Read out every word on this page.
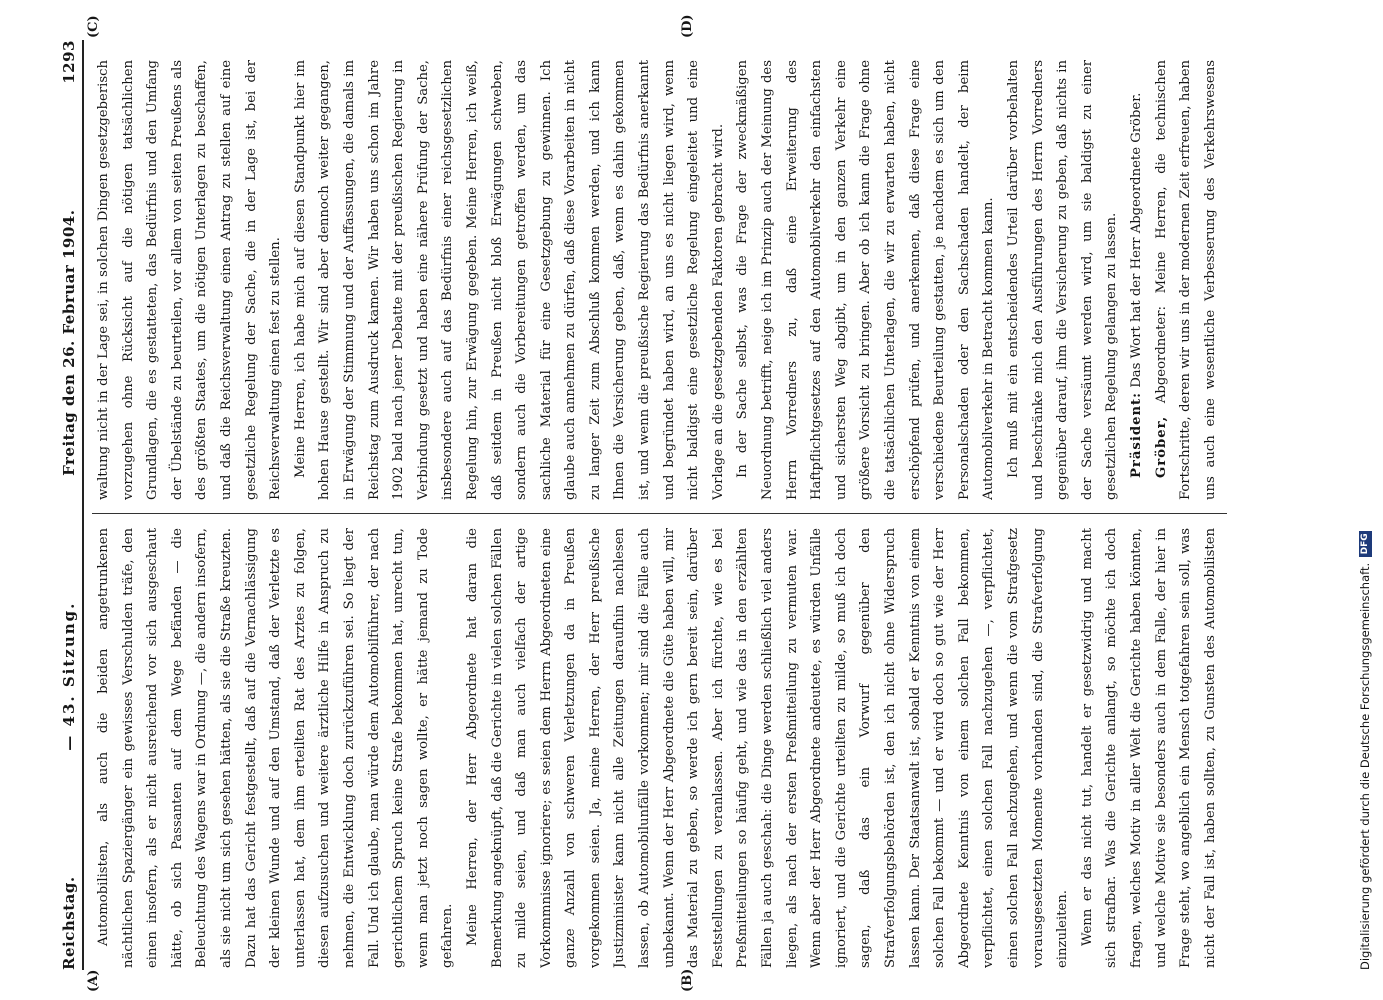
Reichstag.
— 43. Sitzung.
Freitag den 26. Februar 1904.
1293
(A)	(B)
(C)	(D)

Automobilisten, als auch die beiden angetrunkenen nächtlichen Spaziergänger ein gewisses Verschulden träfe, den einen insofern, als er nicht ausreichend vor sich ausgeschaut hätte, ob sich Passanten auf dem Wege befänden — die Beleuchtung des Wagens war in Ordnung —, die andern insofern, als sie nicht um sich gesehen hätten, als sie die Straße kreuzten. Dazu hat das Gericht festgestellt, daß auf die Vernachlässigung der kleinen Wunde und auf den Umstand, daß der Verletzte es unterlassen hat, dem ihm erteilten Rat des Arztes zu folgen, diesen aufzusuchen und weitere ärztliche Hilfe in Anspruch zu nehmen, die Entwicklung doch zurückzuführen sei. So liegt der Fall. Und ich glaube, man würde dem Automobilführer, der nach gerichtlichem Spruch keine Strafe bekommen hat, unrecht tun, wenn man jetzt noch sagen wollte, er hätte jemand zu Tode gefahren. Meine Herren, der Herr Abgeordnete hat daran die Bemerkung angeknüpft, daß die Gerichte in vielen solchen Fällen zu milde seien, und daß man auch vielfach der artige Vorkommnisse ignoriere; es seien dem Herrn Abgeordneten eine ganze Anzahl von schweren Verletzungen da in Preußen vorgekommen seien. Ja, meine Herren, der Herr preußische Justizminister kann nicht alle Zeitungen daraufhin nachlesen lassen, ob Automobilunfälle vorkommen; mir sind die Fälle auch unbekannt. Wenn der Herr Abgeordnete die Güte haben will, mir das Material zu geben, so werde ich gern bereit sein, darüber Feststellungen zu veranlassen. Aber ich fürchte, wie es bei Preßmitteilungen so häufig geht, und wie das in den erzählten Fällen ja auch geschah: die Dinge werden schließlich viel anders liegen, als nach der ersten Preßmitteilung zu vermuten war. Wenn aber der Herr Abgeordnete andeutete, es würden Unfälle ignoriert, und die Gerichte urteilten zu milde, so muß ich doch sagen, daß das ein Vorwurf gegenüber den Strafverfolgungsbehörden ist, den ich nicht ohne Widerspruch lassen kann. Der Staatsanwalt ist, sobald er Kenntnis von einem solchen Fall bekommt — und er wird doch so gut wie der Herr Abgeordnete Kenntnis von einem solchen Fall bekommen, verpflichtet, einen solchen Fall nachzugehen —, verpflichtet, einen solchen Fall nachzugehen, und wenn die vom Strafgesetz vorausgesetzten Momente vorhanden sind, die Strafverfolgung einzuleiten. Wenn er das nicht tut, handelt er gesetzwidrig und macht sich strafbar. Was die Gerichte anlangt, so möchte ich doch fragen, welches Motiv in aller Welt die Gerichte haben könnten, und welche Motive sie besonders auch in dem Falle, der hier in Frage steht, wo angeblich ein Mensch totgefahren sein soll, was nicht der Fall ist, haben sollten, zu Gunsten des Automobilisten

waltung nicht in der Lage sei, in solchen Dingen gesetzgeberisch vorzugehen ohne Rücksicht auf die nötigen tatsächlichen Grundlagen, die es gestatteten, das Bedürfnis und den Umfang der Übelstände zu beurteilen, vor allem von seiten Preußens als des größten Staates, um die nötigen Unterlagen zu beschaffen, und daß die Reichsverwaltung einen Antrag zu stellen auf eine gesetzliche Regelung der Sache, die in der Lage ist, bei der Reichsverwaltung einen fest zu stellen. Meine Herren, ich habe mich auf diesen Standpunkt hier im hohen Hause gestellt. Wir sind aber dennoch weiter gegangen, in Erwägung der Stimmung und der Auffassungen, die damals im Reichstag zum Ausdruck kamen. Wir haben uns schon im Jahre 1902 bald nach jener Debatte mit der preußischen Regierung in Verbindung gesetzt und haben eine nähere Prüfung der Sache, insbesondere auch auf das Bedürfnis einer reichsgesetzlichen Regelung hin, zur Erwägung gegeben. Meine Herren, ich weiß, daß seitdem in Preußen nicht bloß Erwägungen schweben, sondern auch die Vorbereitungen getroffen werden, um das sachliche Material für eine Gesetzgebung zu gewinnen. Ich glaube auch annehmen zu dürfen, daß diese Vorarbeiten in nicht zu langer Zeit zum Abschluß kommen werden, und ich kann Ihnen die Versicherung geben, daß, wenn es dahin gekommen ist, und wenn die preußische Regierung das Bedürfnis anerkannt und begründet haben wird, an uns es nicht liegen wird, wenn nicht baldigst eine gesetzliche Regelung eingeleitet und eine Vorlage an die gesetzgebenden Faktoren gebracht wird. In der Sache selbst, was die Frage der zweckmäßigen Neuordnung betrifft, neige ich im Prinzip auch der Meinung des Herrn Vorredners zu, daß eine Erweiterung des Haftpflichtgesetzes auf den Automobilverkehr den einfachsten und sichersten Weg abgibt, um in den ganzen Verkehr eine größere Vorsicht zu bringen. Aber ob ich kann die Frage ohne die tatsächlichen Unterlagen, die wir zu erwarten haben, nicht erschöpfend prüfen, und anerkennen, daß diese Frage eine verschiedene Beurteilung gestatten, je nachdem es sich um den Personalschaden oder den Sachschaden handelt, der beim Automobilverkehr in Betracht kommen kann. Ich muß mit ein entscheidendes Urteil darüber vorbehalten und beschränke mich den Ausführungen des Herrn Vorredners gegenüber darauf, ihm die Versicherung zu geben, daß nichts in der Sache versäumt werden wird, um sie baldigst zu einer gesetzlichen Regelung gelangen zu lassen. Präsident: Das Wort hat der Herr Abgeordnete Gröber.

Gröber, Abgeordneter: Meine Herren, die technischen Fortschritte, deren wir uns in der modernen Zeit erfreuen, haben uns auch eine wesentliche Verbesserung des Verkehrswesens

Digitalisierung gefördert durch die Deutsche Forschungsgemeinschaft.
DFG
